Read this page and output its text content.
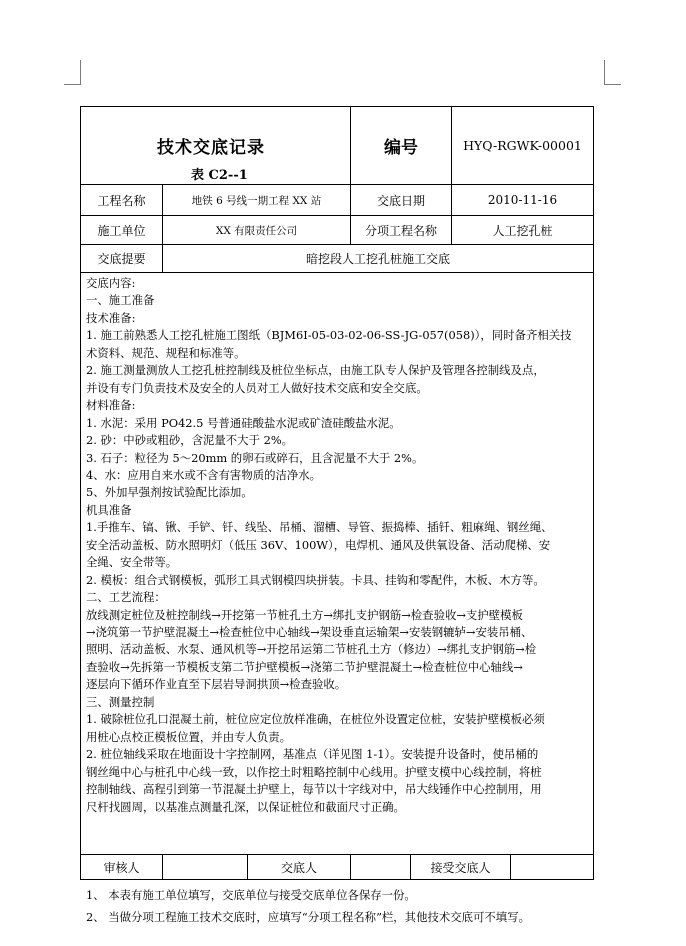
技术交底记录
表 C2--1
编号	HYQ-RGWK-00001
工程名称	地铁 6 号线一期工程 XX 站	交底日期	2010-11-16
施工单位	XX 有限责任公司	分项工程名称	人工挖孔桩
交底提要	暗挖段人工挖孔桩施工交底
交底内容:
一、施工准备
技术准备:
1. 施工前熟悉人工挖孔桩施工图纸（BJM6I-05-03-02-06-SS-JG-057(058)），同时备齐相关技
术资料、规范、规程和标准等。
2. 施工测量测放人工挖孔桩控制线及桩位坐标点，由施工队专人保护及管理各控制线及点，
并设有专门负责技术及安全的人员对工人做好技术交底和安全交底。
材料准备:
1. 水泥：采用 PO42.5 号普通硅酸盐水泥或矿渣硅酸盐水泥。
2. 砂：中砂或粗砂，含泥量不大于 2%。
3. 石子：粒径为 5～20mm 的卵石或碎石，且含泥量不大于 2%。
4、水：应用自来水或不含有害物质的洁净水。
5、外加早强剂按试验配比添加。
机具准备
1.手推车、镐、锹、手铲、钎、线坠、吊桶、溜槽、导管、振捣棒、插钎、粗麻绳、钢丝绳、
安全活动盖板、防水照明灯（低压 36V、100W），电焊机、通风及供氧设备、活动爬梯、安
全绳、安全带等。
2. 模板：组合式钢模板，弧形工具式钢模四块拼装。卡具、挂钩和零配件，木板、木方等。
二、工艺流程：
放线测定桩位及桩控制线→开挖第一节桩孔土方→绑扎支护钢筋→检查验收→支护壁模板
→浇筑第一节护壁混凝土→检查桩位中心轴线→架设垂直运输架→安装钢辘轳→安装吊桶、
照明、活动盖板、水泵、通风机等→开挖吊运第二节桩孔土方（修边）→绑扎支护钢筋→检
查验收→先拆第一节模板支第二节护壁模板→浇第二节护壁混凝土→检查桩位中心轴线→
逐层向下循环作业直至下层岩导洞拱顶→检查验收。
三、测量控制
1. 破除桩位孔口混凝土前，桩位应定位放样准确，在桩位外设置定位桩，安装护壁模板必须
用桩心点校正模板位置，并由专人负责。
2. 桩位轴线采取在地面设十字控制网，基准点（详见图 1-1）。安装提升设备时，使吊桶的
钢丝绳中心与桩孔中心线一致，以作挖土时粗略控制中心线用。护壁支模中心线控制，将桩
控制轴线、高程引到第一节混凝土护壁上，每节以十字线对中，吊大线锤作中心控制用，用
尺杆找圆周，以基准点测量孔深，以保证桩位和截面尺寸正确。
审核人	交底人	接受交底人
1、 本表有施工单位填写，交底单位与接受交底单位各保存一份。
2、 当做分项工程施工技术交底时，应填写“分项工程名称”栏，其他技术交底可不填写。
